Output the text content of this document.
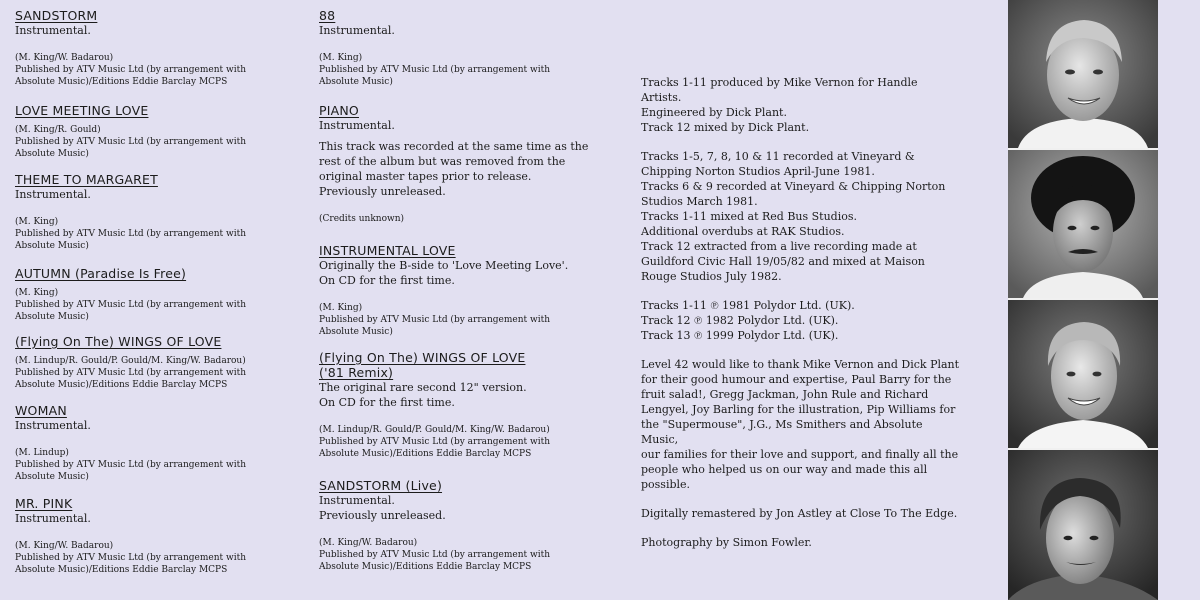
SANDSTORM
Instrumental.
(M. King/W. Badarou)
Published by ATV Music Ltd (by arrangement with
Absolute Music)/Editions Eddie Barclay MCPS
LOVE MEETING LOVE
(M. King/R. Gould)
Published by ATV Music Ltd (by arrangement with
Absolute Music)
THEME TO MARGARET
Instrumental.
(M. King)
Published by ATV Music Ltd (by arrangement with
Absolute Music)
AUTUMN (Paradise Is Free)
(M. King)
Published by ATV Music Ltd (by arrangement with
Absolute Music)
(Flying On The) WINGS OF LOVE
(M. Lindup/R. Gould/P. Gould/M. King/W. Badarou)
Published by ATV Music Ltd (by arrangement with
Absolute Music)/Editions Eddie Barclay MCPS
WOMAN
Instrumental.
(M. Lindup)
Published by ATV Music Ltd (by arrangement with
Absolute Music)
MR. PINK
Instrumental.
(M. King/W. Badarou)
Published by ATV Music Ltd (by arrangement with
Absolute Music)/Editions Eddie Barclay MCPS
88
Instrumental.
(M. King)
Published by ATV Music Ltd (by arrangement with
Absolute Music)
PIANO
Instrumental.
This track was recorded at the same time as the
rest of the album but was removed from the
original master tapes prior to release.
Previously unreleased.
(Credits unknown)
INSTRUMENTAL LOVE
Originally the B-side to 'Love Meeting Love'.
On CD for the first time.
(M. King)
Published by ATV Music Ltd (by arrangement with
Absolute Music)
(Flying On The) WINGS OF LOVE
('81 Remix)
The original rare second 12" version.
On CD for the first time.
(M. Lindup/R. Gould/P. Gould/M. King/W. Badarou)
Published by ATV Music Ltd (by arrangement with
Absolute Music)/Editions Eddie Barclay MCPS
SANDSTORM (Live)
Instrumental.
Previously unreleased.
(M. King/W. Badarou)
Published by ATV Music Ltd (by arrangement with
Absolute Music)/Editions Eddie Barclay MCPS
Tracks 1-11 produced by Mike Vernon for Handle Artists.
Engineered by Dick Plant.
Track 12 mixed by Dick Plant.
Tracks 1-5, 7, 8, 10 & 11 recorded at Vineyard &
Chipping Norton Studios April-June 1981.
Tracks 6 & 9 recorded at Vineyard & Chipping Norton
Studios March 1981.
Tracks 1-11 mixed at Red Bus Studios.
Additional overdubs at RAK Studios.
Track 12 extracted from a live recording made at
Guildford Civic Hall 19/05/82 and mixed at Maison
Rouge Studios July 1982.
Tracks 1-11 ℗ 1981 Polydor Ltd. (UK).
Track 12 ℗ 1982 Polydor Ltd. (UK).
Track 13 ℗ 1999 Polydor Ltd. (UK).
Level 42 would like to thank Mike Vernon and Dick Plant
for their good humour and expertise, Paul Barry for the
fruit salad!, Gregg Jackman, John Rule and Richard
Lengyel, Joy Barling for the illustration, Pip Williams for
the "Supermouse", J.G., Ms Smithers and Absolute Music,
our families for their love and support, and finally all the
people who helped us on our way and made this all
possible.
Digitally remastered by Jon Astley at Close To The Edge.
Photography by Simon Fowler.
